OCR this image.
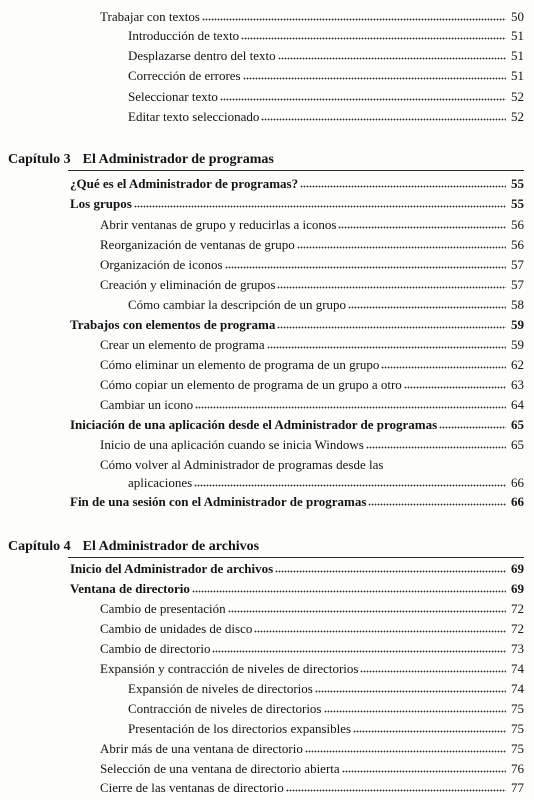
Trabajar con textos	50
Introducción de texto	51
Desplazarse dentro del texto	51
Corrección de errores	51
Seleccionar texto	52
Editar texto seleccionado	52
Capítulo 3 El Administrador de programas
¿Qué es el Administrador de programas?	55
Los grupos	55
Abrir ventanas de grupo y reducirlas a iconos	56
Reorganización de ventanas de grupo	56
Organización de iconos	57
Creación y eliminación de grupos	57
Cómo cambiar la descripción de un grupo	58
Trabajos con elementos de programa	59
Crear un elemento de programa	59
Cómo eliminar un elemento de programa de un grupo	62
Cómo copiar un elemento de programa de un grupo a otro	63
Cambiar un icono	64
Iniciación de una aplicación desde el Administrador de programas	65
Inicio de una aplicación cuando se inicia Windows	65
Cómo volver al Administrador de programas desde las
aplicaciones	66
Fin de una sesión con el Administrador de programas	66
Capítulo 4 El Administrador de archivos
Inicio del Administrador de archivos	69
Ventana de directorio	69
Cambio de presentación	72
Cambio de unidades de disco	72
Cambio de directorio	73
Expansión y contracción de niveles de directorios	74
Expansión de niveles de directorios	74
Contracción de niveles de directorios	75
Presentación de los directorios expansibles	75
Abrir más de una ventana de directorio	75
Selección de una ventana de directorio abierta	76
Cierre de las ventanas de directorio	77
